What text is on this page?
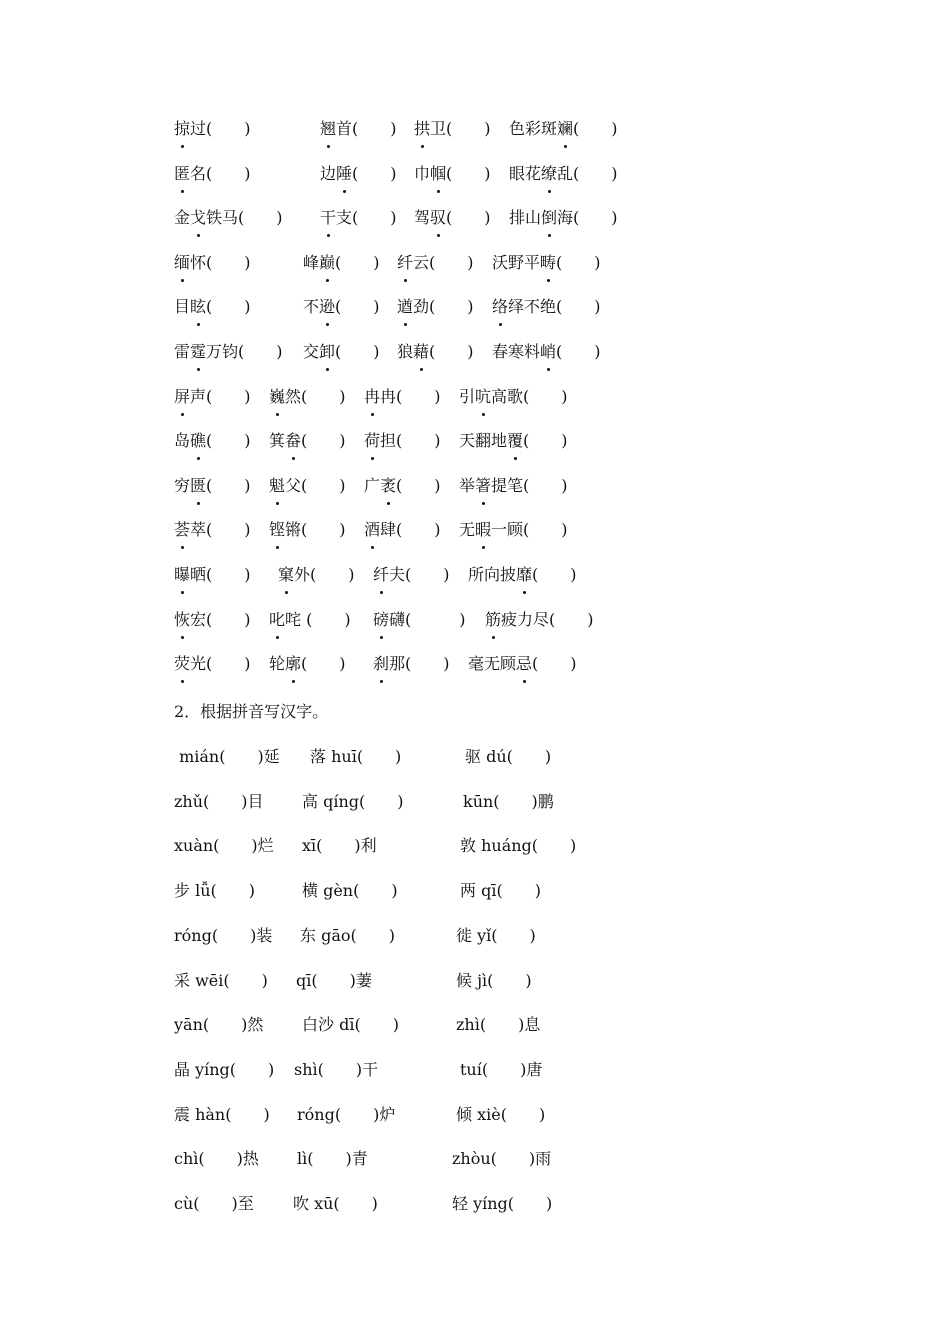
掠过(　　)	翘首(　　) 拱卫(　　) 色彩斑斓(　　)
匿名(　　)	边陲(　　) 巾帼(　　) 眼花缭乱(　　)
金戈铁马(　　) 干支(　　) 驾驭(　　) 排山倒海(　　)
缅怀(　　)	峰巅(　　) 纤云(　　) 沃野平畴(　　)
目眩(　　)	不逊(　　) 遒劲(　　) 络绎不绝(　　)
雷霆万钧(　　) 交卸(　　) 狼藉(　　) 春寒料峭(　　)
屏声(　　) 巍然(　　) 冉冉(　　) 引吭高歌(　　)
岛礁(　　) 箕畚(　　) 荷担(　　) 天翻地覆(　　)
穷匮(　　) 魁父(　　) 广袤(　　) 举箸提笔(　　)
荟萃(　　) 铿锵(　　) 酒肆(　　) 无暇一顾(　　)
曝晒(　　) 窠外(　　) 纤夫(　　) 所向披靡(　　)
恢宏(　　) 叱咤 (　　) 磅礴(　　　) 筋疲力尽(　　)
荧光(　　) 轮廓(　　) 刹那(　　) 毫无顾忌(　　)
2．根据拼音写汉字。
mián(　　)延 落 huī(　　)	驱 dú(　　)
zhǔ(　　)目 高 qíng(　　)	kūn(　　)鹏
xuàn(　　)烂 xī(　　)利	敦 huáng(　　)
步 lǚ(　　)	横 gèn(　　)	两 qī(　　)
róng(　　)装 东 gāo(　　)	徙 yǐ(　　)
采 wēi(　　) qī(　　)萋	候 jì(　　)
yān(　　)然 白沙 dī(　　)	zhì(　　)息
晶 yíng(　　) shì(　　)干	tuí(　　)唐
震 hàn(　　) róng(　　)炉	倾 xiè(　　)
chì(　　)热 lì(　　)青	zhòu(　　)雨
cù(　　)至 吹 xū(　　)	轻 yíng(　　)
